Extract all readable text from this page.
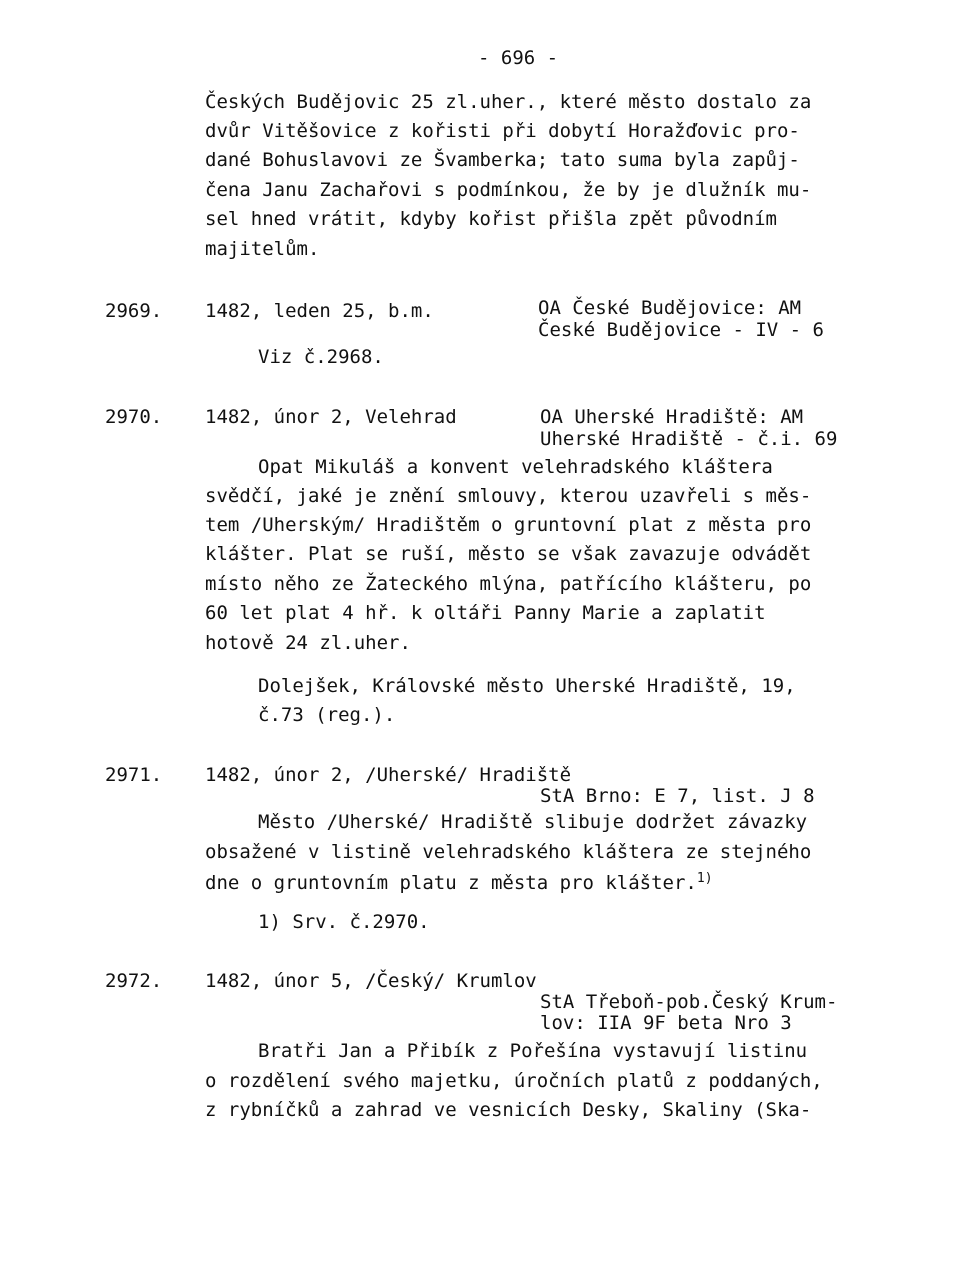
- 696 -
Českých Budějovic 25 zl.uher., které město dostalo za
dvůr Vitěšovice z kořisti při dobytí Horažďovic pro-
dané Bohuslavovi ze Švamberka; tato suma byla zapůj-
čena Janu Zachařovi s podmínkou, že by je dlužník mu-
sel hned vrátit, kdyby kořist přišla zpět původním
majitelům.
2969. 1482, leden 25, b.m.	OA České Budějovice: AM
České Budějovice - IV - 6
Viz č.2968.
2970. 1482, únor 2, Velehrad	OA Uherské Hradiště: AM
Uherské Hradiště - č.i. 69
Opat Mikuláš a konvent velehradského kláštera
svědčí, jaké je znění smlouvy, kterou uzavřeli s měs-
tem /Uherským/ Hradištěm o gruntovní plat z města pro
klášter. Plat se ruší, město se však zavazuje odvádět
místo něho ze Žateckého mlýna, patřícího klášteru, po
60 let plat 4 hř. k oltáři Panny Marie a zaplatit
hotově 24 zl.uher.
Dolejšek, Královské město Uherské Hradiště, 19,
č.73 (reg.).
2971. 1482, únor 2, /Uherské/ Hradiště
StA Brno: E 7, list. J 8
Město /Uherské/ Hradiště slibuje dodržet závazky
obsažené v listině velehradského kláštera ze stejného
dne o gruntovním platu z města pro klášter.$^{1)}$
1) Srv. č.2970.
2972. 1482, únor 5, /Český/ Krumlov
StA Třeboň-pob.Český Krum-
lov: IIA 9F beta Nro 3
Bratři Jan a Přibík z Pořešína vystavují listinu
o rozdělení svého majetku, úročních platů z poddaných,
z rybníčků a zahrad ve vesnicích Desky, Skaliny (Ska-
